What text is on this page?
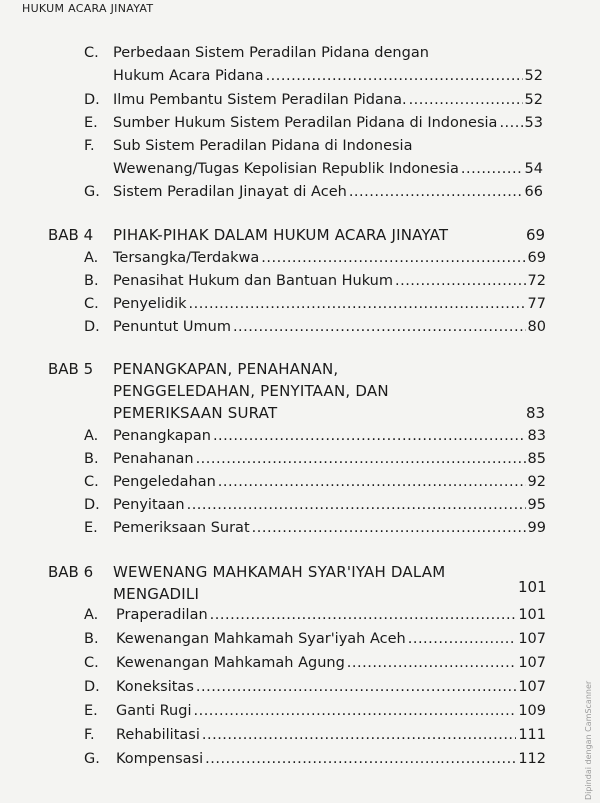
HUKUM ACARA JINAYAT
C. Perbedaan Sistem Peradilan Pidana dengan
Hukum Acara Pidana .....	52
D. Ilmu Pembantu Sistem Peradilan Pidana. .....	52
E. Sumber Hukum Sistem Peradilan Pidana di Indonesia ..... 53
F. Sub Sistem Peradilan Pidana di Indonesia
Wewenang/Tugas Kepolisian Republik Indonesia .....	54
G. Sistem Peradilan Jinayat di Aceh .....	66
BAB 4 PIHAK-PIHAK DALAM HUKUM ACARA JINAYAT	69
A. Tersangka/Terdakwa .....	69
B. Penasihat Hukum dan Bantuan Hukum .....	72
C. Penyelidik .....	77
D. Penuntut Umum .....	80
BAB 5 PENANGKAPAN, PENAHANAN,
PENGGELEDAHAN, PENYITAAN, DAN
PEMERIKSAAN SURAT	83
A. Penangkapan .....	83
B. Penahanan .....	85
C. Pengeledahan .....	92
D. Penyitaan .....	95
E. Pemeriksaan Surat .....	99
BAB 6 WEWENANG MAHKAMAH SYAR'IYAH DALAM
MENGADILI	101
A. Praperadilan .....	101
B. Kewenangan Mahkamah Syar'iyah Aceh .....	107
C. Kewenangan Mahkamah Agung .....	107
D. Koneksitas .....	107
E. Ganti Rugi .....	109
F. Rehabilitasi .....	111
G. Kompensasi .....	112	Dipindai dengan CamScanner
